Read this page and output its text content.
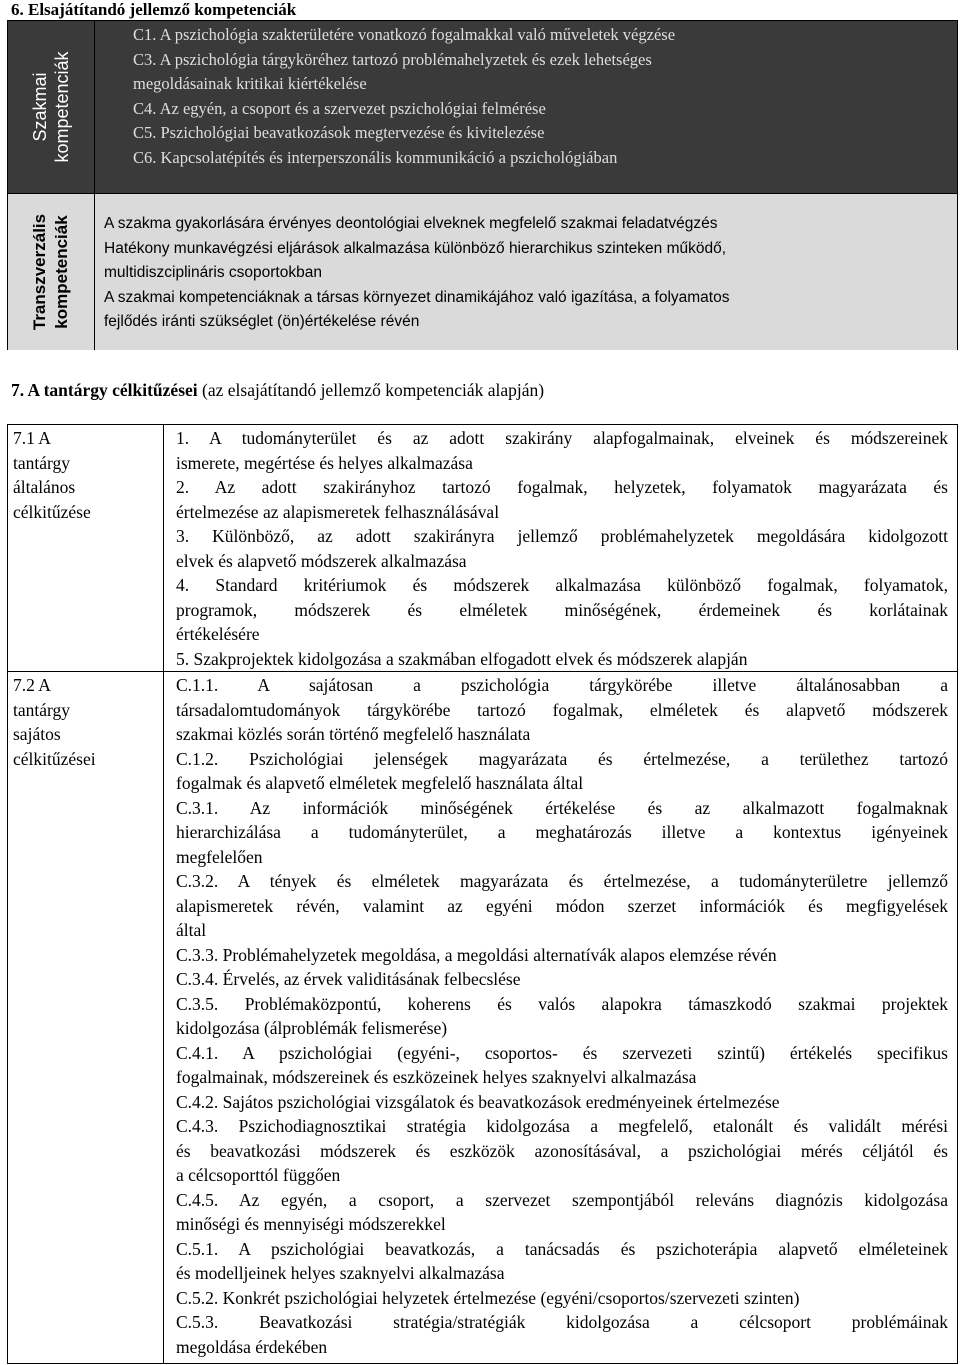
6. Elsajátítandó jellemző kompetenciák
Szakmai kompetenciák
C1. A pszichológia szakterületére vonatkozó fogalmakkal való műveletek végzése
C3. A pszichológia tárgyköréhez tartozó problémahelyzetek és ezek lehetséges
megoldásainak kritikai kiértékelése
C4. Az egyén, a csoport és a szervezet pszichológiai felmérése
C5. Pszichológiai beavatkozások megtervezése és kivitelezése
C6. Kapcsolatépítés és interperszonális kommunikáció a pszichológiában
Transzverzális kompetenciák A szakma gyakorlására érvényes deontológiai elveknek megfelelő szakmai feladatvégzés
Hatékony munkavégzési eljárások alkalmazása különböző hierarchikus szinteken működő,
multidiszciplináris csoportokban
A szakmai kompetenciáknak a társas környezet dinamikájához való igazítása, a folyamatos
fejlődés iránti szükséglet (ön)értékelése révén
7. A tantárgy célkitűzései (az elsajátítandó jellemző kompetenciák alapján)
7.1 A
tantárgy
általános
célkitűzése
1. A tudományterület és az adott szakirány alapfogalmainak, elveinek és módszereinek
ismerete, megértése és helyes alkalmazása
2. Az adott szakirányhoz tartozó fogalmak, helyzetek, folyamatok magyarázata és
értelmezése az alapismeretek felhasználásával
3. Különböző, az adott szakirányra jellemző problémahelyzetek megoldására kidolgozott
elvek és alapvető módszerek alkalmazása
4. Standard kritériumok és módszerek alkalmazása különböző fogalmak, folyamatok,
programok, módszerek és elméletek minőségének, érdemeinek és korlátainak
értékelésére
5. Szakprojektek kidolgozása a szakmában elfogadott elvek és módszerek alapján
7.2 A
tantárgy
sajátos
célkitűzései
C.1.1. A sajátosan a pszichológia tárgykörébe illetve általánosabban a
társadalomtudományok tárgykörébe tartozó fogalmak, elméletek és alapvető módszerek
szakmai közlés során történő megfelelő használata
C.1.2. Pszichológiai jelenségek magyarázata és értelmezése, a területhez tartozó
fogalmak és alapvető elméletek megfelelő használata által
C.3.1. Az információk minőségének értékelése és az alkalmazott fogalmaknak
hierarchizálása a tudományterület, a meghatározás illetve a kontextus igényeinek
megfelelően
C.3.2. A tények és elméletek magyarázata és értelmezése, a tudományterületre jellemző
alapismeretek révén, valamint az egyéni módon szerzet információk és megfigyelések
által
C.3.3. Problémahelyzetek megoldása, a megoldási alternatívák alapos elemzése révén
C.3.4. Érvelés, az érvek validitásának felbecslése
C.3.5. Problémaközpontú, koherens és valós alapokra támaszkodó szakmai projektek
kidolgozása (álproblémák felismerése)
C.4.1. A pszichológiai (egyéni-, csoportos- és szervezeti szintű) értékelés specifikus
fogalmainak, módszereinek és eszközeinek helyes szaknyelvi alkalmazása
C.4.2. Sajátos pszichológiai vizsgálatok és beavatkozások eredményeinek értelmezése
C.4.3. Pszichodiagnosztikai stratégia kidolgozása a megfelelő, etalonált és validált mérési
és beavatkozási módszerek és eszközök azonosításával, a pszichológiai mérés céljától és
a célcsoporttól függően
C.4.5. Az egyén, a csoport, a szervezet szempontjából releváns diagnózis kidolgozása
minőségi és mennyiségi módszerekkel
C.5.1. A pszichológiai beavatkozás, a tanácsadás és pszichoterápia alapvető elméleteinek
és modelljeinek helyes szaknyelvi alkalmazása
C.5.2. Konkrét pszichológiai helyzetek értelmezése (egyéni/csoportos/szervezeti szinten)
C.5.3. Beavatkozási stratégia/stratégiák kidolgozása a célcsoport problémáinak
megoldása érdekében
